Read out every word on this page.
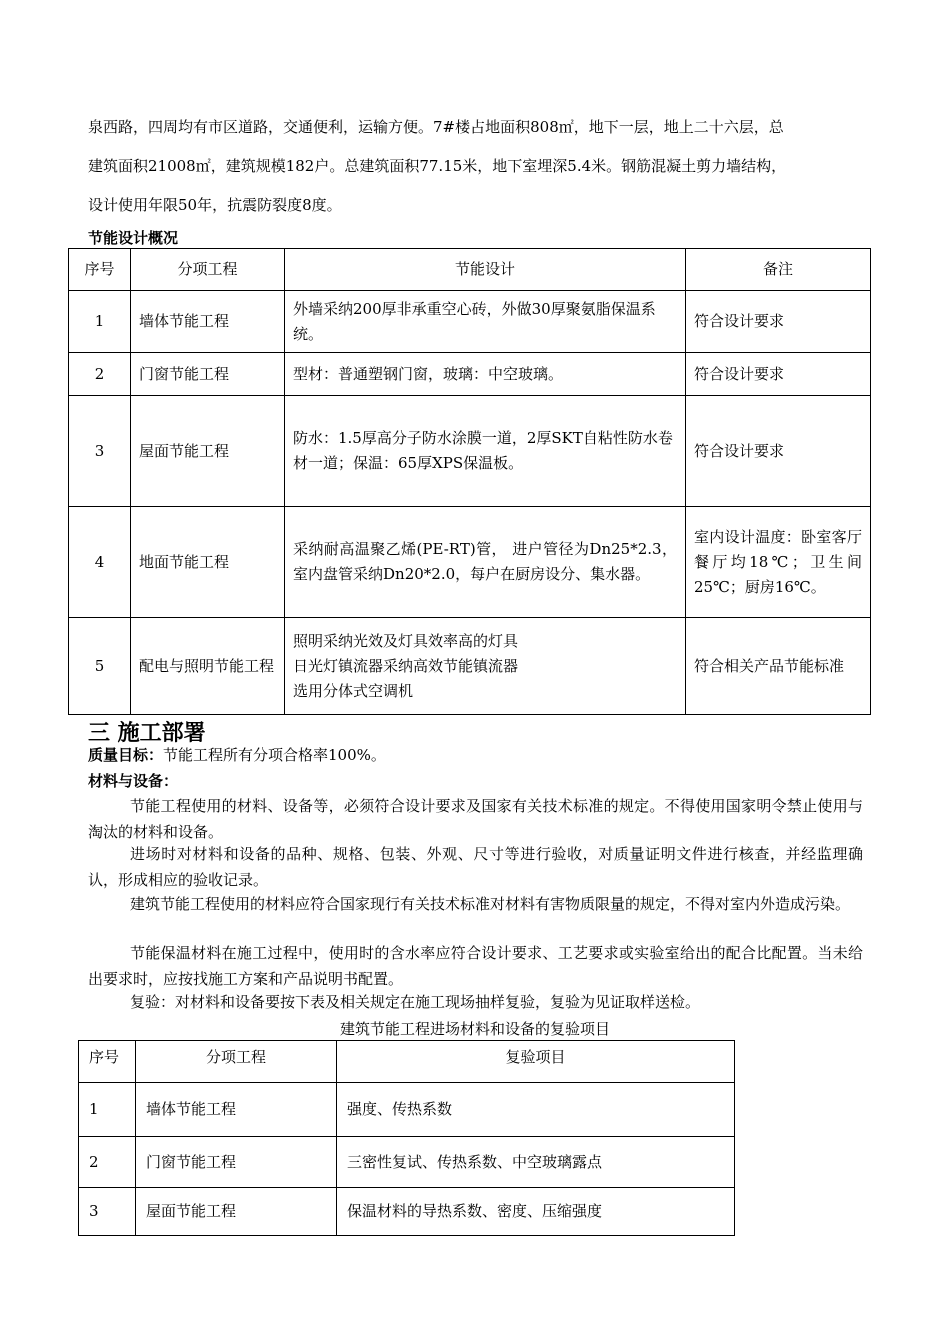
泉西路，四周均有市区道路，交通便利，运输方便。7#楼占地面积808㎡，地下一层，地上二十六层，总

建筑面积21008㎡，建筑规模182户。总建筑面积77.15米，地下室埋深5.4米。钢筋混凝土剪力墙结构，

设计使用年限50年，抗震防裂度8度。

节能设计概况
序号	分项工程	节能设计	备注
1	墙体节能工程	外墙采纳200厚非承重空心砖，外做30厚聚氨脂保温系统。	符合设计要求
2	门窗节能工程	型材：普通塑钢门窗，玻璃：中空玻璃。	符合设计要求
3	屋面节能工程	防水：1.5厚高分子防水涂膜一道，2厚SKT自粘性防水卷材一道；保温：65厚XPS保温板。	符合设计要求
4	地面节能工程	采纳耐高温聚乙烯(PE-RT)管， 进户管径为Dn25*2.3，室内盘管采纳Dn20*2.0，每户在厨房设分、集水器。	室内设计温度：卧室客厅餐厅均18℃；卫生间25℃；厨房16℃。
5	配电与照明节能工程	照明采纳光效及灯具效率高的灯具
日光灯镇流器采纳高效节能镇流器
选用分体式空调机	符合相关产品节能标准
三 施工部署
质量目标：节能工程所有分项合格率100%。
材料与设备：

节能工程使用的材料、设备等，必须符合设计要求及国家有关技术标准的规定。不得使用国家明令禁止使用与淘汰的材料和设备。

进场时对材料和设备的品种、规格、包装、外观、尺寸等进行验收，对质量证明文件进行核查，并经监理确认，形成相应的验收记录。

建筑节能工程使用的材料应符合国家现行有关技术标准对材料有害物质限量的规定，不得对室内外造成污染。

节能保温材料在施工过程中，使用时的含水率应符合设计要求、工艺要求或实验室给出的配合比配置。当未给出要求时，应按找施工方案和产品说明书配置。

复验：对材料和设备要按下表及相关规定在施工现场抽样复验，复验为见证取样送检。

建筑节能工程进场材料和设备的复验项目
序号	分项工程	复验项目
1	墙体节能工程	强度、传热系数
2	门窗节能工程	三密性复试、传热系数、中空玻璃露点
3	屋面节能工程	保温材料的导热系数、密度、压缩强度
